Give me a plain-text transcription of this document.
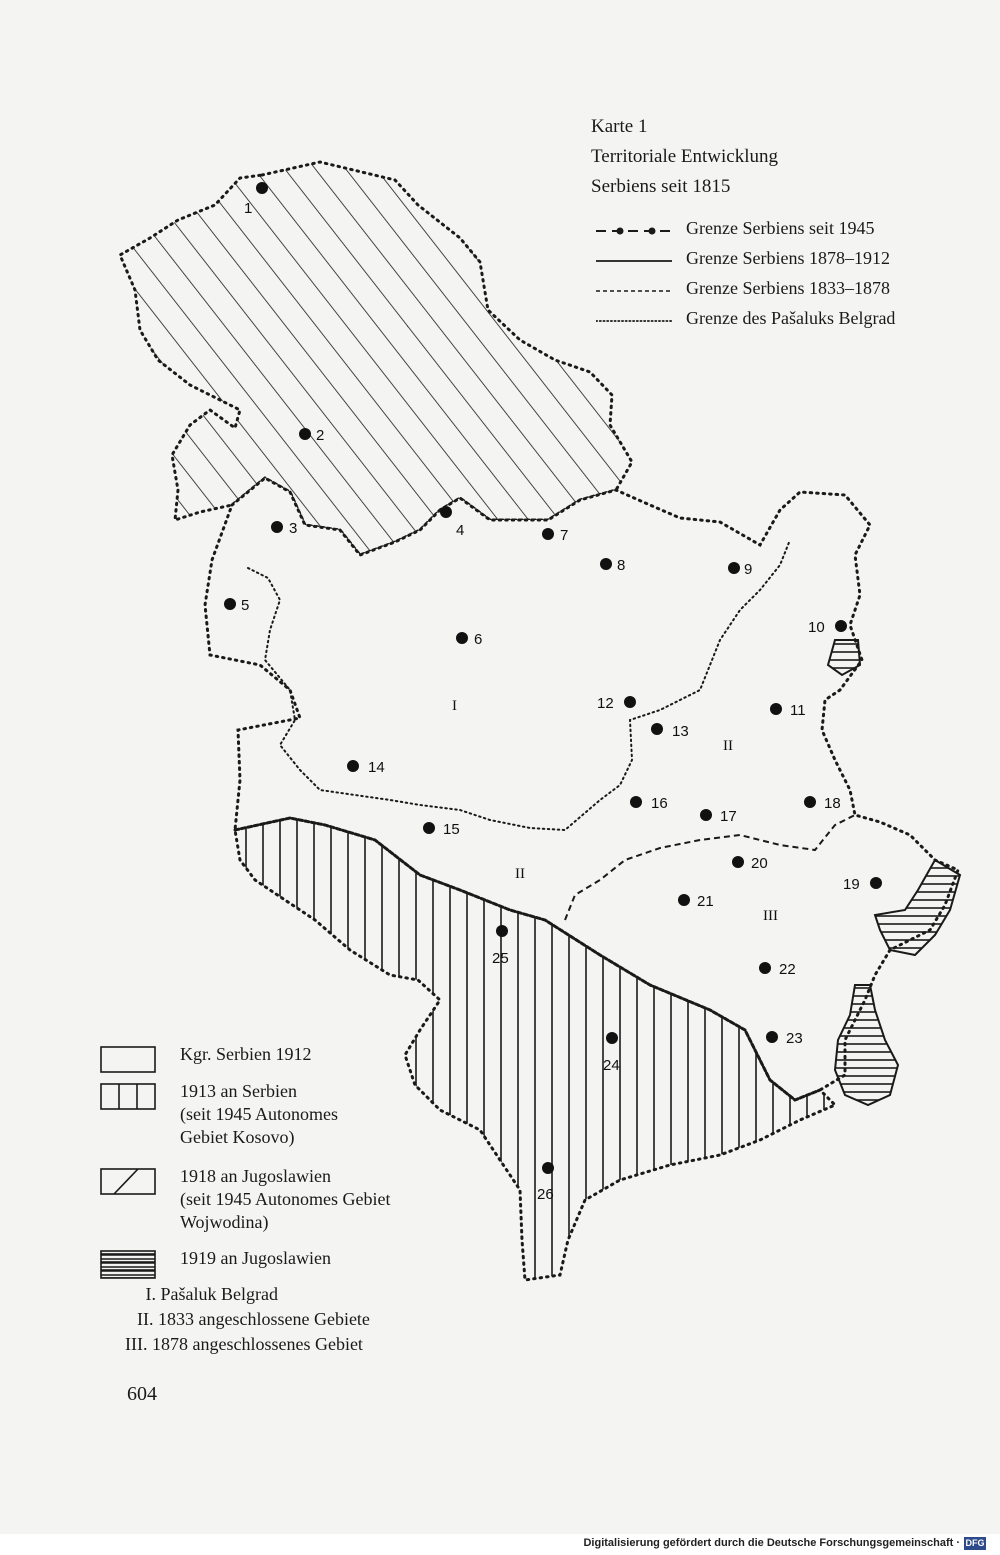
I
II
II
III
1
2
3	4
5
6
7
8	9
10
11
12
13
14
15
16
17
18
19
20
21
22
23
24
25
26
Karte 1
Territoriale Entwicklung
Serbiens seit 1815
Grenze Serbiens seit 1945
Grenze Serbiens 1878–1912
Grenze Serbiens 1833–1878
Grenze des Pašaluks Belgrad
Kgr. Serbien 1912
1913 an Serbien
(seit 1945 Autonomes
Gebiet Kosovo)
1918 an Jugoslawien
(seit 1945 Autonomes Gebiet
Wojwodina)
1919 an Jugoslawien
I. Pašaluk Belgrad
II. 1833 angeschlossene Gebiete
III. 1878 angeschlossenes Gebiet
604
Digitalisierung gefördert durch die Deutsche Forschungsgemeinschaft · DFG
